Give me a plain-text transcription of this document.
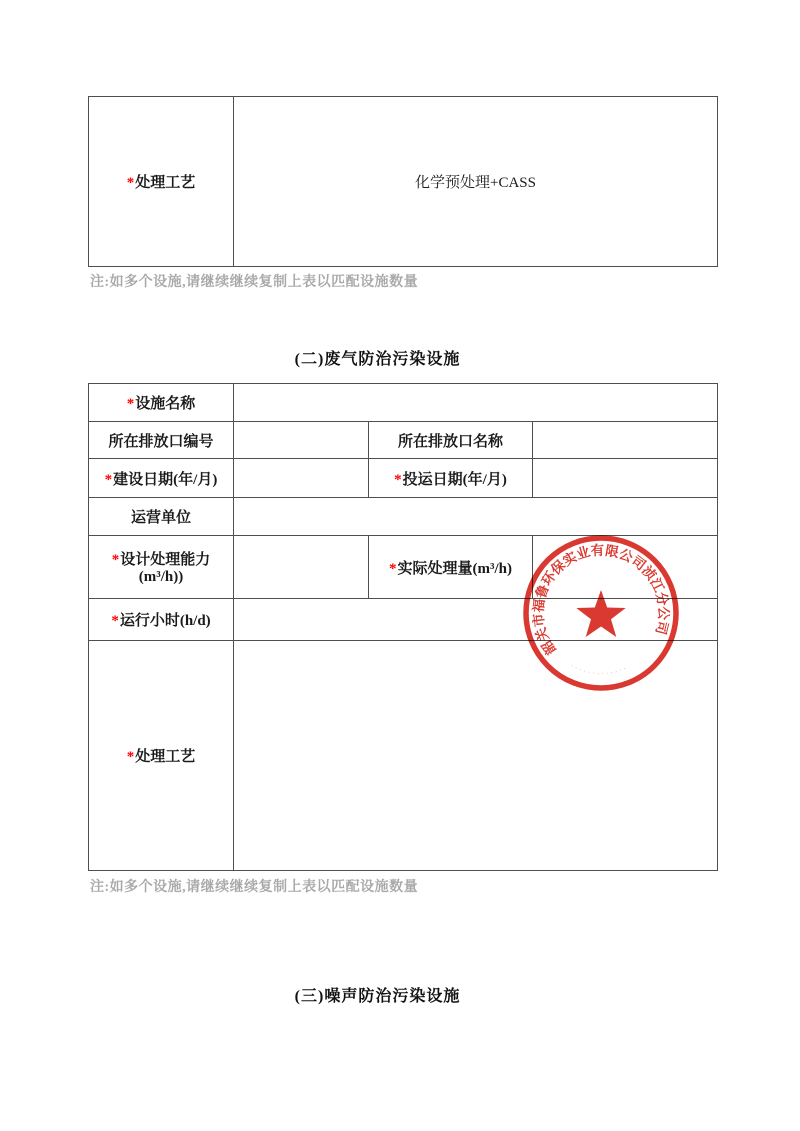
*处理工艺	化学预处理+CASS
注:如多个设施,请继续继续复制上表以匹配设施数量
(二)废气防治污染设施
*设施名称			
所在排放口编号		所在排放口名称	
*建设日期(年/月)		*投运日期(年/月)	
运营单位			

*设计处理能力
(m³/h))		*实际处理量(m³/h)	
*运行小时(h/d)			
*处理工艺			
注:如多个设施,请继续继续复制上表以匹配设施数量
(三)噪声防治污染设施
韶关市福鲁环保实业有限公司浈江分公司
·············
